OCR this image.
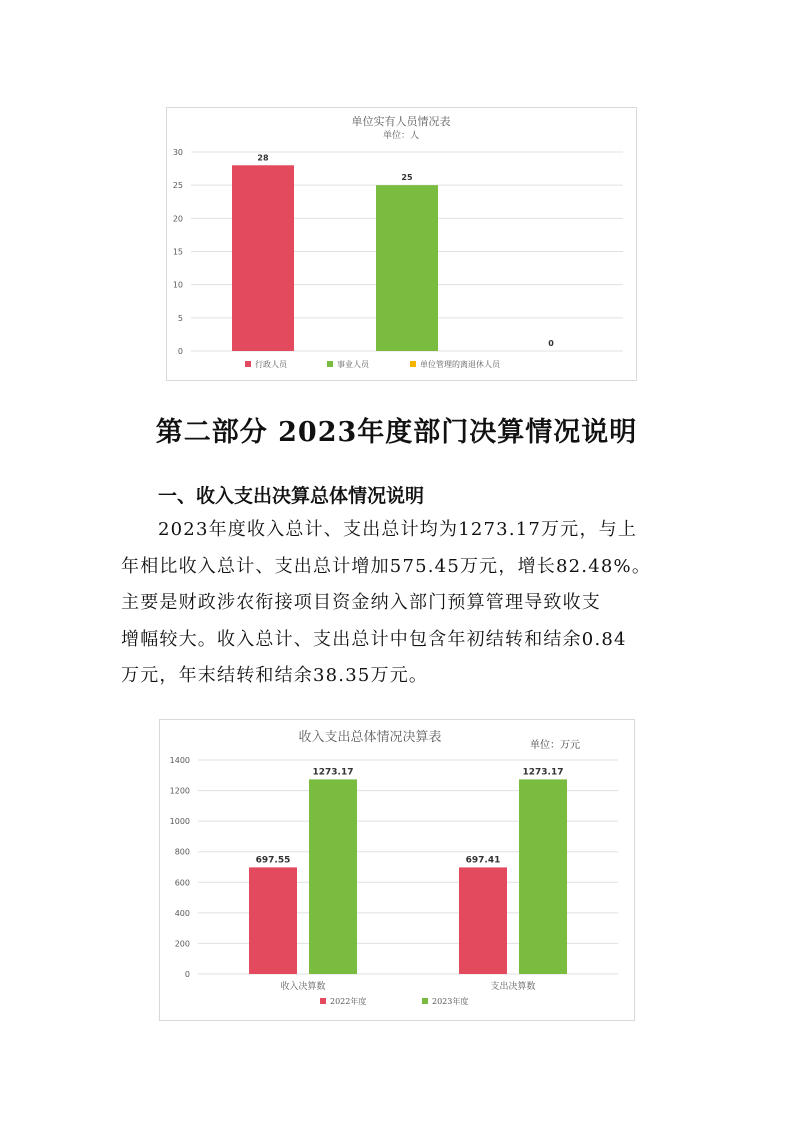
单位实有人员情况表
单位：人
0
5
10
15
20
25
30
28
25
0
行政人员	事业人员	单位管理的离退休人员
第二部分 2023年度部门决算情况说明
一、收入支出决算总体情况说明
2023年度收入总计、支出总计均为1273.17万元，与上
年相比收入总计、支出总计增加575.45万元，增长82.48%。
主要是财政涉农衔接项目资金纳入部门预算管理导致收支
增幅较大。收入总计、支出总计中包含年初结转和结余0.84
万元，年末结转和结余38.35万元。
收入支出总体情况决算表
单位：万元
0
200
400
600
800
1000
1200
1400
697.55
1273.17
收入决算数
697.41
1273.17
支出决算数
2022年度	2023年度
